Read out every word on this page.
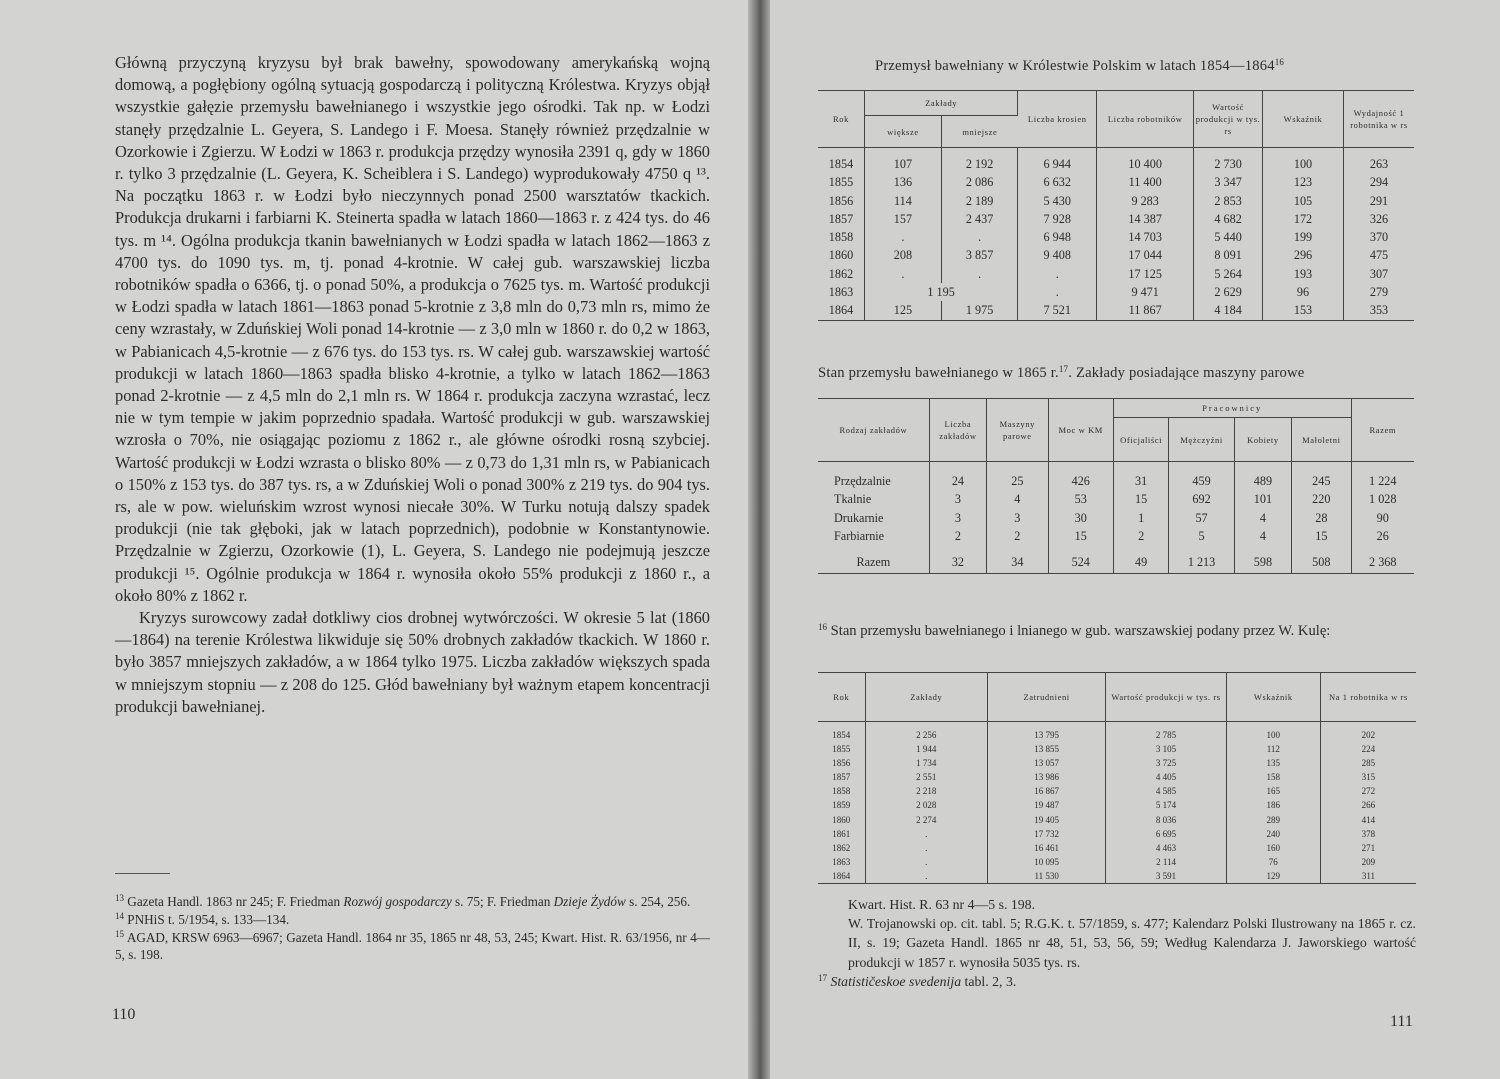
Główną przyczyną kryzysu był brak bawełny, spowodowany amerykańską wojną domową, a pogłębiony ogólną sytuacją gospodarczą i polityczną Królestwa. Kryzys objął wszystkie gałęzie przemysłu bawełnianego i wszystkie jego ośrodki. Tak np. w Łodzi stanęły przędzalnie L. Geyera, S. Landego i F. Moesa. Stanęły również przędzalnie w Ozorkowie i Zgierzu. W Łodzi w 1863 r. produkcja przędzy wynosiła 2391 q, gdy w 1860 r. tylko 3 przędzalnie (L. Geyera, K. Scheiblera i S. Landego) wyprodukowały 4750 q ¹³. Na początku 1863 r. w Łodzi było nieczynnych ponad 2500 warsztatów tkackich. Produkcja drukarni i farbiarni K. Steinerta spadła w latach 1860—1863 r. z 424 tys. do 46 tys. m ¹⁴. Ogólna produkcja tkanin bawełnianych w Łodzi spadła w latach 1862—1863 z 4700 tys. do 1090 tys. m, tj. ponad 4-krotnie. W całej gub. warszawskiej liczba robotników spadła o 6366, tj. o ponad 50%, a produkcja o 7625 tys. m. Wartość produkcji w Łodzi spadła w latach 1861—1863 ponad 5-krotnie z 3,8 mln do 0,73 mln rs, mimo że ceny wzrastały, w Zduńskiej Woli ponad 14-krotnie — z 3,0 mln w 1860 r. do 0,2 w 1863, w Pabianicach 4,5-krotnie — z 676 tys. do 153 tys. rs. W całej gub. warszawskiej wartość produkcji w latach 1860—1863 spadła blisko 4-krotnie, a tylko w latach 1862—1863 ponad 2-krotnie — z 4,5 mln do 2,1 mln rs. W 1864 r. produkcja zaczyna wzrastać, lecz nie w tym tempie w jakim poprzednio spadała. Wartość produkcji w gub. warszawskiej wzrosła o 70%, nie osiągając poziomu z 1862 r., ale główne ośrodki rosną szybciej. Wartość produkcji w Łodzi wzrasta o blisko 80% — z 0,73 do 1,31 mln rs, w Pabianicach o 150% z 153 tys. do 387 tys. rs, a w Zduńskiej Woli o ponad 300% z 219 tys. do 904 tys. rs, ale w pow. wieluńskim wzrost wynosi niecałe 30%. W Turku notują dalszy spadek produkcji (nie tak głęboki, jak w latach poprzednich), podobnie w Konstantynowie. Przędzalnie w Zgierzu, Ozorkowie (1), L. Geyera, S. Landego nie podejmują jeszcze produkcji ¹⁵. Ogólnie produkcja w 1864 r. wynosiła około 55% produkcji z 1860 r., a około 80% z 1862 r.

Kryzys surowcowy zadał dotkliwy cios drobnej wytwórczości. W okresie 5 lat (1860—1864) na terenie Królestwa likwiduje się 50% drobnych zakładów tkackich. W 1860 r. było 3857 mniejszych zakładów, a w 1864 tylko 1975. Liczba zakładów większych spada w mniejszym stopniu — z 208 do 125. Głód bawełniany był ważnym etapem koncentracji produkcji bawełnianej.

$^{13}$ Gazeta Handl. 1863 nr 245; F. Friedman Rozwój gospodarczy s. 75; F. Friedman Dzieje Żydów s. 254, 256.

$^{14}$ PNHiS t. 5/1954, s. 133—134.

$^{15}$ AGAD, KRSW 6963—6967; Gazeta Handl. 1864 nr 35, 1865 nr 48, 53, 245; Kwart. Hist. R. 63/1956, nr 4—5, s. 198.

110
Przemysł bawełniany w Królestwie Polskim w latach 1854—1864$^{16}$
Rok	Zakłady		Liczba krosien	Liczba robotników	Wartość produkcji w tys. rs	Wskaźnik	Wydajność 1 robotnika w rs
	większe	mniejsze					
1854	107	2 192	6 944	10 400	2 730	100	263
1855	136	2 086	6 632	11 400	3 347	123	294
1856	114	2 189	5 430	9 283	2 853	105	291
1857	157	2 437	7 928	14 387	4 682	172	326
1858	.	.	6 948	14 703	5 440	199	370
1860	208	3 857	9 408	17 044	8 091	296	475
1862	.	.	.	17 125	5 264	193	307
1863	1 195		.	9 471	2 629	96	279
1864	125	1 975	7 521	11 867	4 184	153	353
Stan przemysłu bawełnianego w 1865 r.$^{17}$. Zakłady posiadające maszyny parowe
Rodzaj zakładów	Liczba zakładów	Maszyny parowe	Moc w KM	Pracownicy				Razem
				Oficjaliści	Mężczyźni	Kobiety	Małoletni	
Przędzalnie	24	25	426	31	459	489	245	1 224
Tkalnie	3	4	53	15	692	101	220	1 028
Drukarnie	3	3	30	1	57	4	28	90
Farbiarnie	2	2	15	2	5	4	15	26
Razem	32	34	524	49	1 213	598	508	2 368

$^{16}$ Stan przemysłu bawełnianego i lnianego w gub. warszawskiej podany przez W. Kulę:

Rok	Zakłady	Zatrudnieni	Wartość produkcji w tys. rs	Wskaźnik	Na 1 robotnika w rs
1854	2 256	13 795	2 785	100	202
1855	1 944	13 855	3 105	112	224
1856	1 734	13 057	3 725	135	285
1857	2 551	13 986	4 405	158	315
1858	2 218	16 867	4 585	165	272
1859	2 028	19 487	5 174	186	266
1860	2 274	19 405	8 036	289	414
1861	.	17 732	6 695	240	378
1862	.	16 461	4 463	160	271
1863	.	10 095	2 114	76	209
1864	.	11 530	3 591	129	311

Kwart. Hist. R. 63 nr 4—5 s. 198.

W. Trojanowski op. cit. tabl. 5; R.G.K. t. 57/1859, s. 477; Kalendarz Polski Ilustrowany na 1865 r. cz. II, s. 19; Gazeta Handl. 1865 nr 48, 51, 53, 56, 59; Według Kalendarza J. Jaworskiego wartość produkcji w 1857 r. wynosiła 5035 tys. rs.

$^{17}$ Statističeskoe svedenija tabl. 2, 3.

111
